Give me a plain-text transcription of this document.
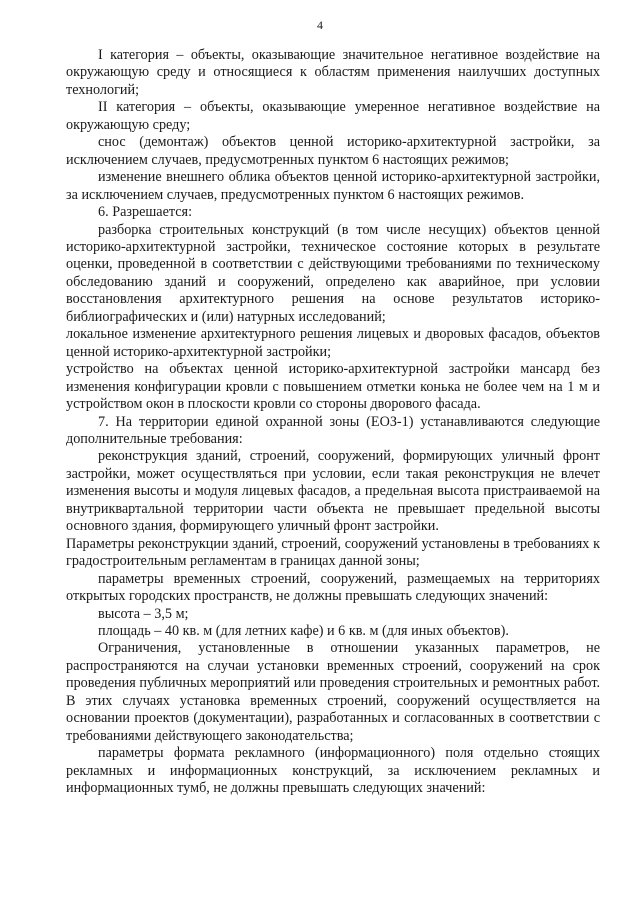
4

I категория – объекты, оказывающие значительное негативное воздействие на окружающую среду и относящиеся к областям применения наилучших доступных технологий;

II категория – объекты, оказывающие умеренное негативное воздействие на окружающую среду;

снос (демонтаж) объектов ценной историко-архитектурной застройки, за исключением случаев, предусмотренных пунктом 6 настоящих режимов;

изменение внешнего облика объектов ценной историко-архитектурной застройки, за исключением случаев, предусмотренных пунктом 6 настоящих режимов.

6. Разрешается:

разборка строительных конструкций (в том числе несущих) объектов ценной историко-архитектурной застройки, техническое состояние которых в результате оценки, проведенной в соответствии с действующими требованиями по техническому обследованию зданий и сооружений, определено как аварийное, при условии восстановления архитектурного решения на основе результатов историко-библиографических и (или) натурных исследований;

локальное изменение архитектурного решения лицевых и дворовых фасадов, объектов ценной историко-архитектурной застройки;

устройство на объектах ценной историко-архитектурной застройки мансард без изменения конфигурации кровли с повышением отметки конька не более чем на 1 м и устройством окон в плоскости кровли со стороны дворового фасада.

7. На территории единой охранной зоны (ЕОЗ-1) устанавливаются следующие дополнительные требования:

реконструкция зданий, строений, сооружений, формирующих уличный фронт застройки, может осуществляться при условии, если такая реконструкция не влечет изменения высоты и модуля лицевых фасадов, а предельная высота пристраиваемой на внутриквартальной территории части объекта не превышает предельной высоты основного здания, формирующего уличный фронт застройки.

Параметры реконструкции зданий, строений, сооружений установлены в требованиях к градостроительным регламентам в границах данной зоны;

параметры временных строений, сооружений, размещаемых на территориях открытых городских пространств, не должны превышать следующих значений:

высота – 3,5 м;

площадь – 40 кв. м (для летних кафе) и 6 кв. м (для иных объектов).

Ограничения, установленные в отношении указанных параметров, не распространяются на случаи установки временных строений, сооружений на срок проведения публичных мероприятий или проведения строительных и ремонтных работ. В этих случаях установка временных строений, сооружений осуществляется на основании проектов (документации), разработанных и согласованных в соответствии с требованиями действующего законодательства;

параметры формата рекламного (информационного) поля отдельно стоящих рекламных и информационных конструкций, за исключением рекламных и информационных тумб, не должны превышать следующих значений:
